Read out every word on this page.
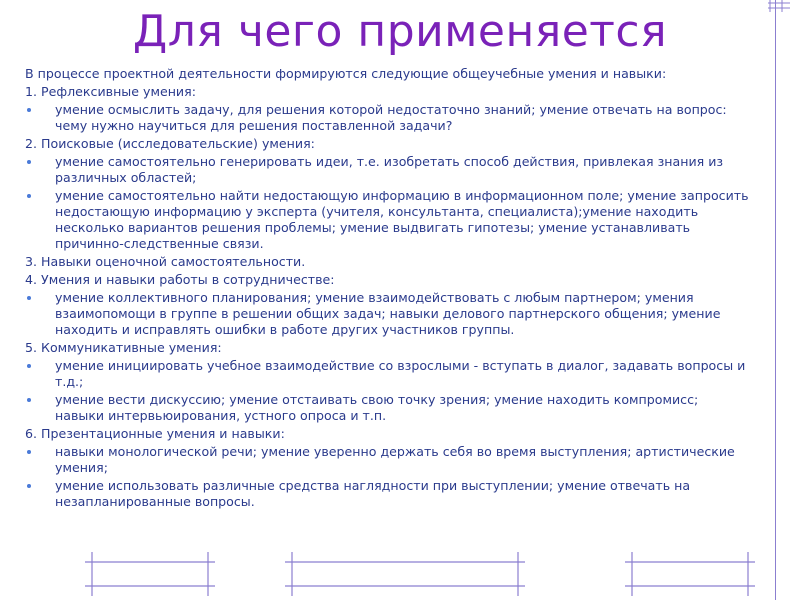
Для чего применяется
В процессе проектной деятельности формируются следующие общеучебные умения и навыки:
1. Рефлексивные умения:
умение осмыслить задачу, для решения которой недостаточно знаний; умение отвечать на вопрос: чему нужно научиться для решения поставленной задачи?
2. Поисковые (исследовательские) умения:
умение самостоятельно генерировать идеи, т.е. изобретать способ действия, привлекая знания из различных областей;
умение самостоятельно найти недостающую информацию в информационном поле; умение запросить недостающую информацию у эксперта (учителя, консультанта, специалиста);умение находить несколько вариантов решения проблемы; умение выдвигать гипотезы; умение устанавливать причинно-следственные связи.
3. Навыки оценочной самостоятельности.
4. Умения и навыки работы в сотрудничестве:
умение коллективного планирования; умение взаимодействовать с любым партнером; умения взаимопомощи в группе в решении общих задач; навыки делового партнерского общения; умение находить и исправлять ошибки в работе других участников группы.
5. Коммуникативные умения:
умение инициировать учебное взаимодействие со взрослыми - вступать в диалог, задавать вопросы и т.д.;
умение вести дискуссию; умение отстаивать свою точку зрения; умение находить компромисс; навыки интервьюирования, устного опроса и т.п.
6. Презентационные умения и навыки:
навыки монологической речи; умение уверенно держать себя во время выступления; артистические умения;
умение использовать различные средства наглядности при выступлении; умение отвечать на незапланированные вопросы.
